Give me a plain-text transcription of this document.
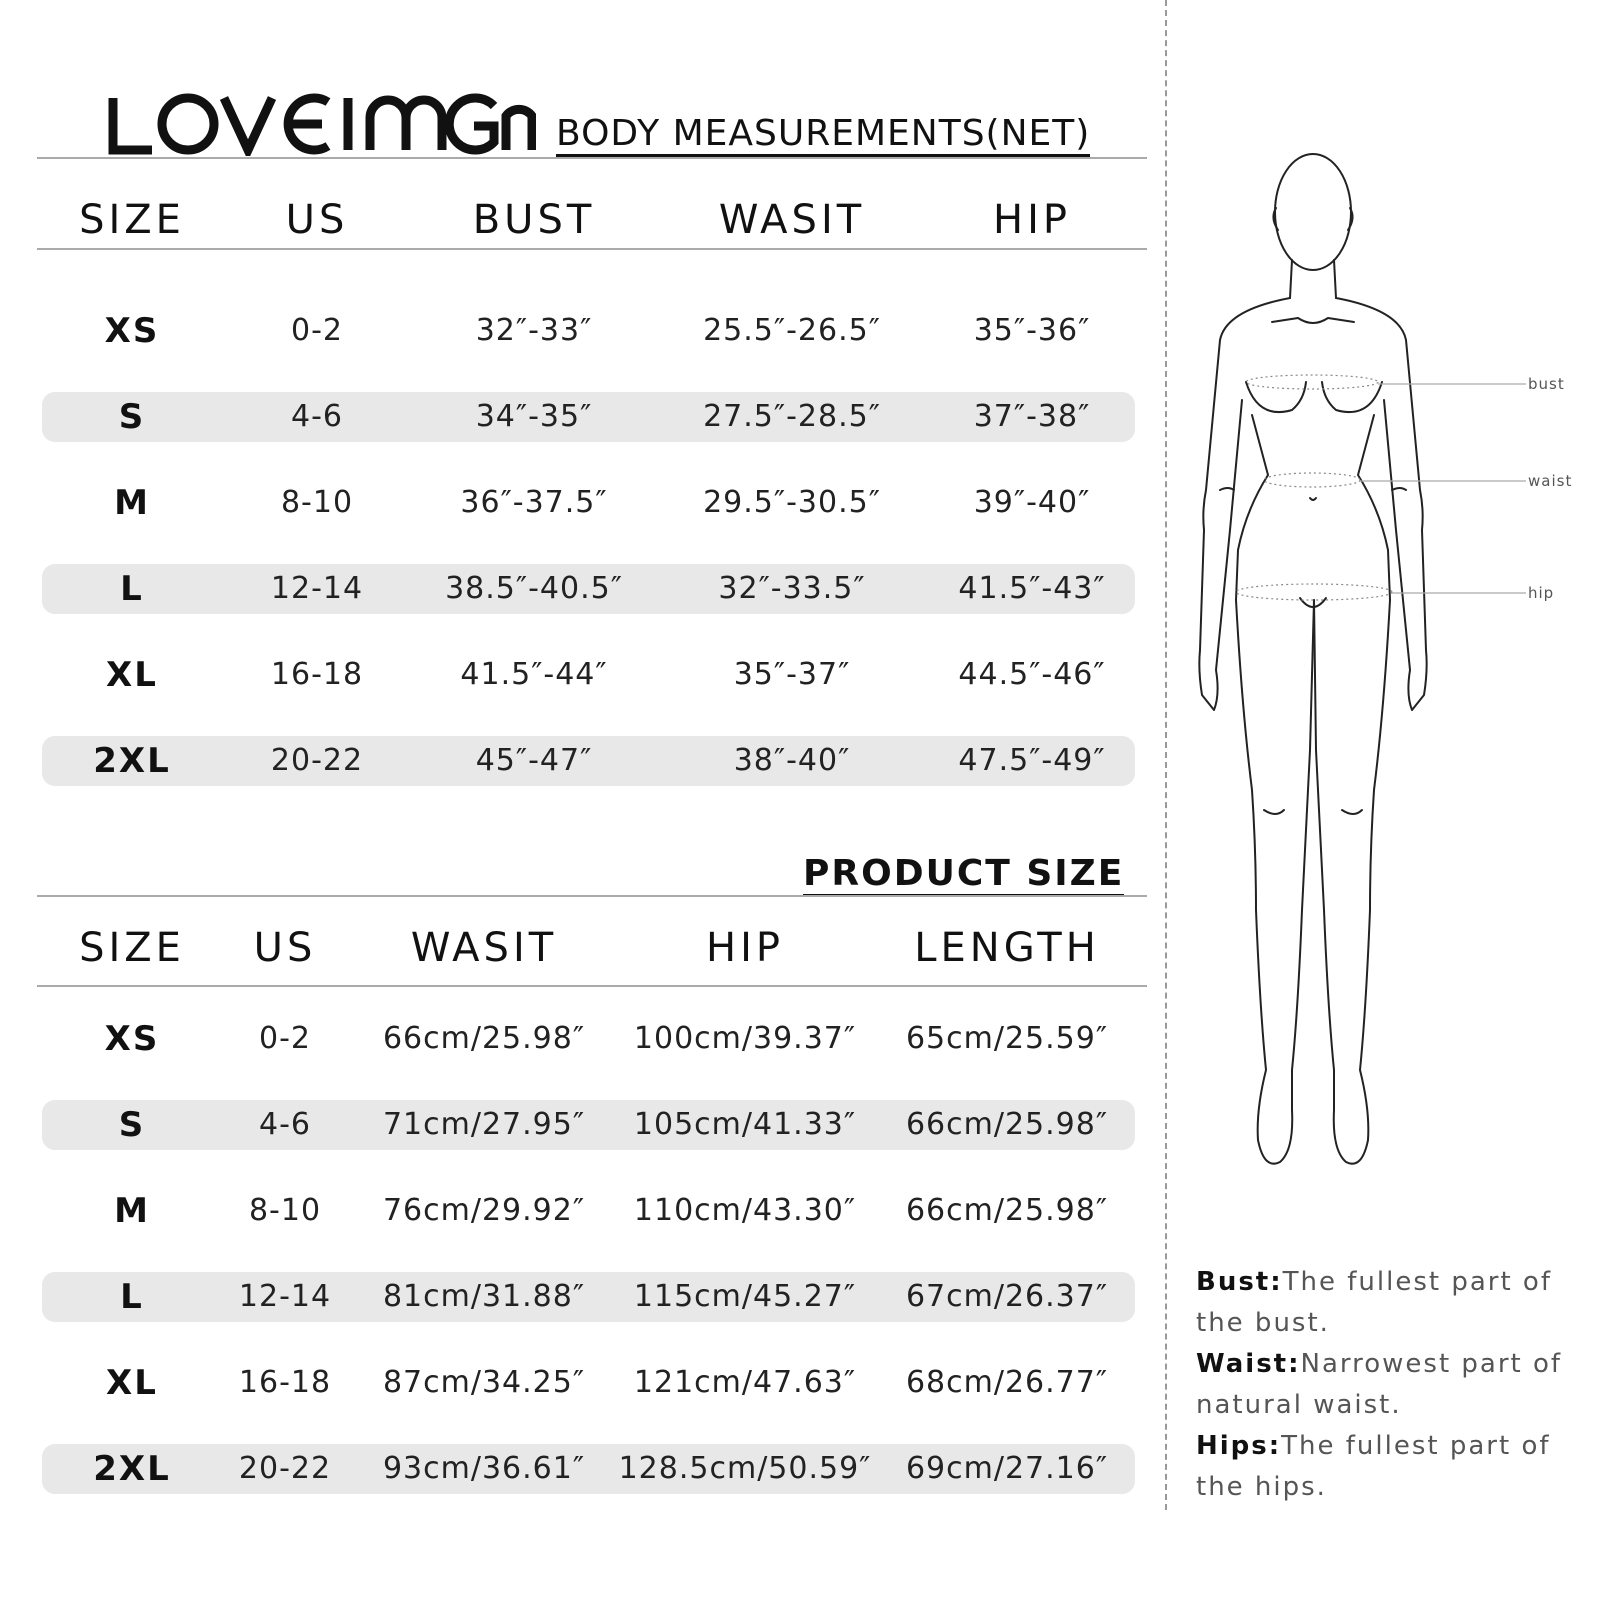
LOVEIMGO
BODY MEASUREMENTS(NET)
SIZE	US	BUST	WASIT	HIP
XS	0-2	32″-33″	25.5″-26.5″	35″-36″
S	4-6	34″-35″	27.5″-28.5″	37″-38″
M	8-10	36″-37.5″	29.5″-30.5″	39″-40″
L	12-14	38.5″-40.5″	32″-33.5″	41.5″-43″
XL	16-18	41.5″-44″	35″-37″	44.5″-46″
2XL	20-22	45″-47″	38″-40″	47.5″-49″
PRODUCT SIZE
SIZE US WASIT	HIP	LENGTH
XS	0-2 66cm/25.98″ 100cm/39.37″ 65cm/25.59″
S	4-6 71cm/27.95″ 105cm/41.33″ 66cm/25.98″
M	8-10 76cm/29.92″ 110cm/43.30″ 66cm/25.98″
L	12-14 81cm/31.88″ 115cm/45.27″ 67cm/26.37″
XL	16-18 87cm/34.25″ 121cm/47.63″ 68cm/26.77″
2XL 20-22 93cm/36.61″ 128.5cm/50.59″ 69cm/27.16″
bust
waist
hip
Bust:The fullest part of the bust.
Waist:Narrowest part of natural waist.
Hips:The fullest part of the hips.
